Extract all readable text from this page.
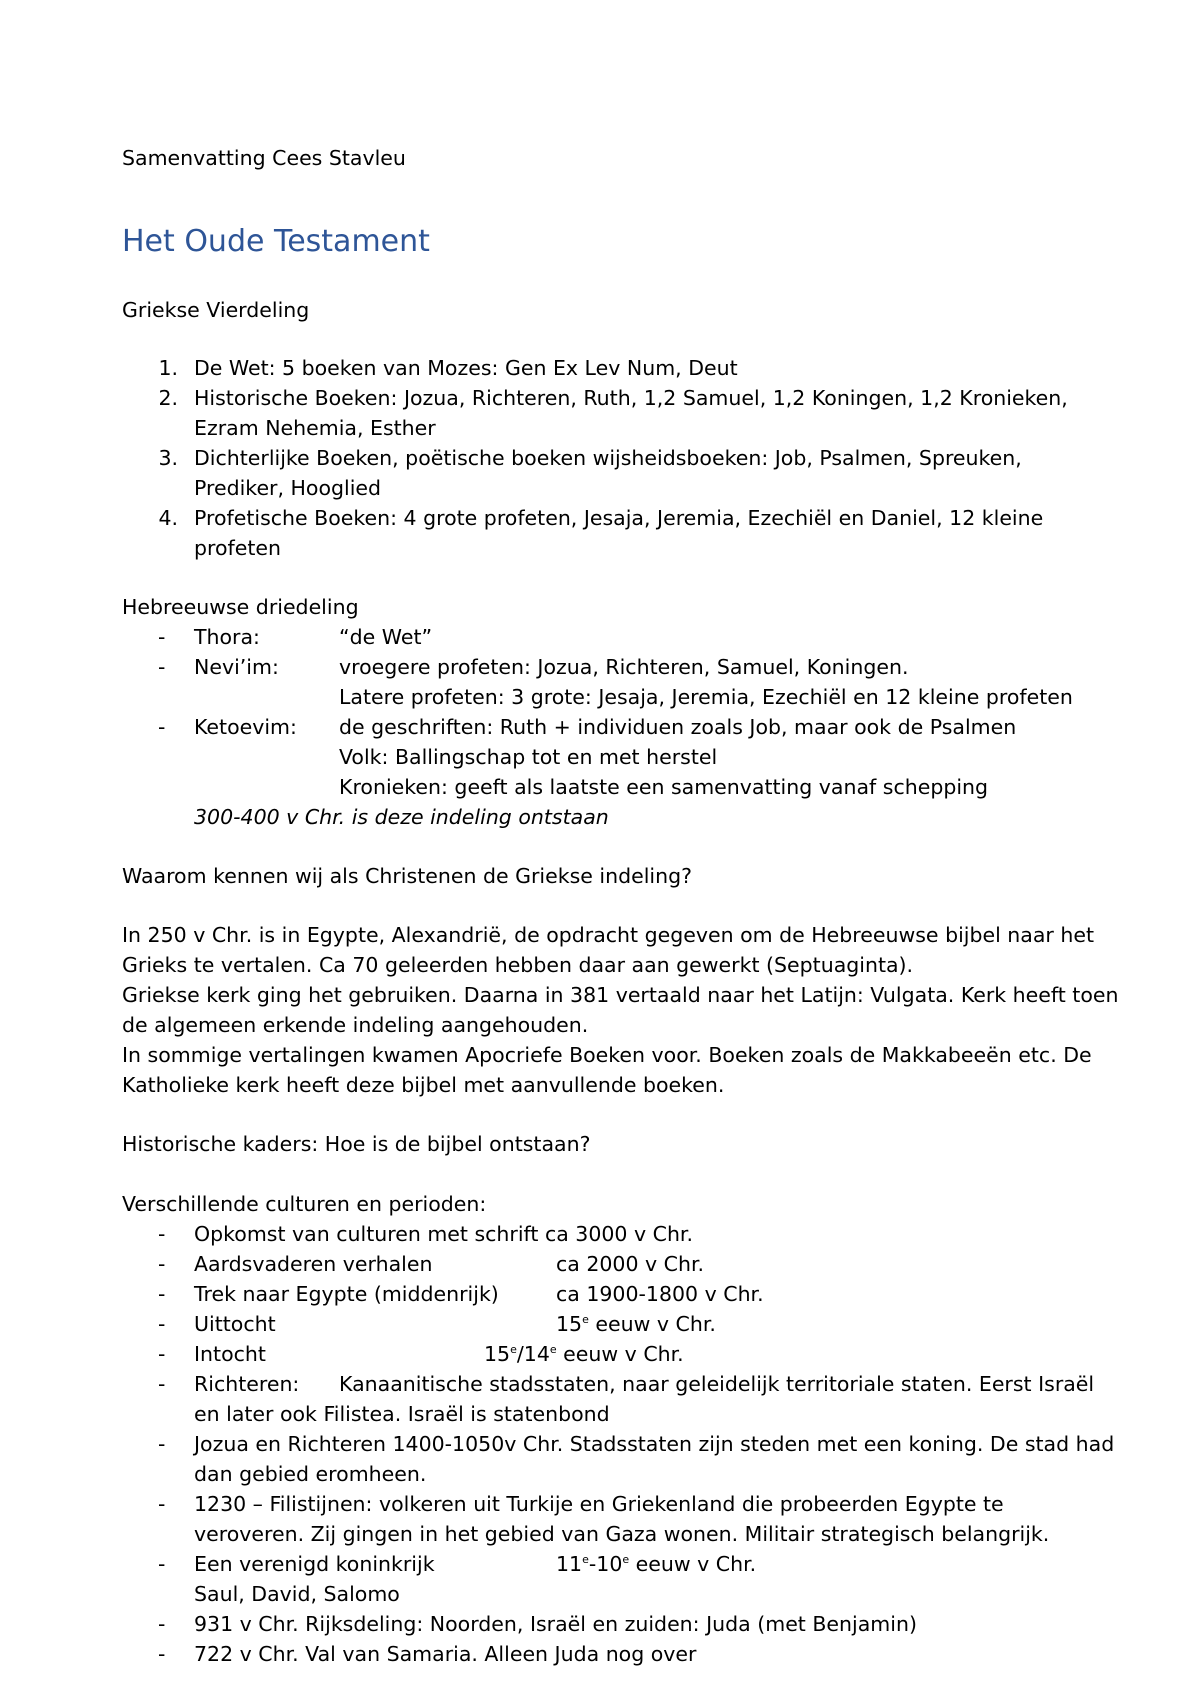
Samenvatting Cees Stavleu
Het Oude Testament
Griekse Vierdeling
1. De Wet: 5 boeken van Mozes: Gen Ex Lev Num, Deut
2. Historische Boeken: Jozua, Richteren, Ruth, 1,2 Samuel, 1,2 Koningen, 1,2 Kronieken,
Ezram Nehemia, Esther
3. Dichterlijke Boeken, poëtische boeken wijsheidsboeken: Job, Psalmen, Spreuken,
Prediker, Hooglied
4. Profetische Boeken: 4 grote profeten, Jesaja, Jeremia, Ezechiël en Daniel, 12 kleine
profeten
Hebreeuwse driedeling
- Thora:	“de Wet”
- Nevi’im:	vroegere profeten: Jozua, Richteren, Samuel, Koningen.
Latere profeten: 3 grote: Jesaja, Jeremia, Ezechiël en 12 kleine profeten
- Ketoevim: de geschriften: Ruth + individuen zoals Job, maar ook de Psalmen
Volk: Ballingschap tot en met herstel
Kronieken: geeft als laatste een samenvatting vanaf schepping
300-400 v Chr. is deze indeling ontstaan
Waarom kennen wij als Christenen de Griekse indeling?
In 250 v Chr. is in Egypte, Alexandrië, de opdracht gegeven om de Hebreeuwse bijbel naar het
Grieks te vertalen. Ca 70 geleerden hebben daar aan gewerkt (Septuaginta).
Griekse kerk ging het gebruiken. Daarna in 381 vertaald naar het Latijn: Vulgata. Kerk heeft toen
de algemeen erkende indeling aangehouden.
In sommige vertalingen kwamen Apocriefe Boeken voor. Boeken zoals de Makkabeeën etc. De
Katholieke kerk heeft deze bijbel met aanvullende boeken.
Historische kaders: Hoe is de bijbel ontstaan?
Verschillende culturen en perioden:
- Opkomst van culturen met schrift ca 3000 v Chr.
- Aardsvaderen verhalen	ca 2000 v Chr.
- Trek naar Egypte (middenrijk)	ca 1900-1800 v Chr.
- Uittocht	15e eeuw v Chr.
- Intocht	15e/14e eeuw v Chr.
- Richteren: Kanaanitische stadsstaten, naar geleidelijk territoriale staten. Eerst Israël
en later ook Filistea. Israël is statenbond
- Jozua en Richteren 1400-1050v Chr. Stadsstaten zijn steden met een koning. De stad had
dan gebied eromheen.
- 1230 – Filistijnen: volkeren uit Turkije en Griekenland die probeerden Egypte te
veroveren. Zij gingen in het gebied van Gaza wonen. Militair strategisch belangrijk.
- Een verenigd koninkrijk	11e-10e eeuw v Chr.
Saul, David, Salomo
- 931 v Chr. Rijksdeling: Noorden, Israël en zuiden: Juda (met Benjamin)
- 722 v Chr. Val van Samaria. Alleen Juda nog over
